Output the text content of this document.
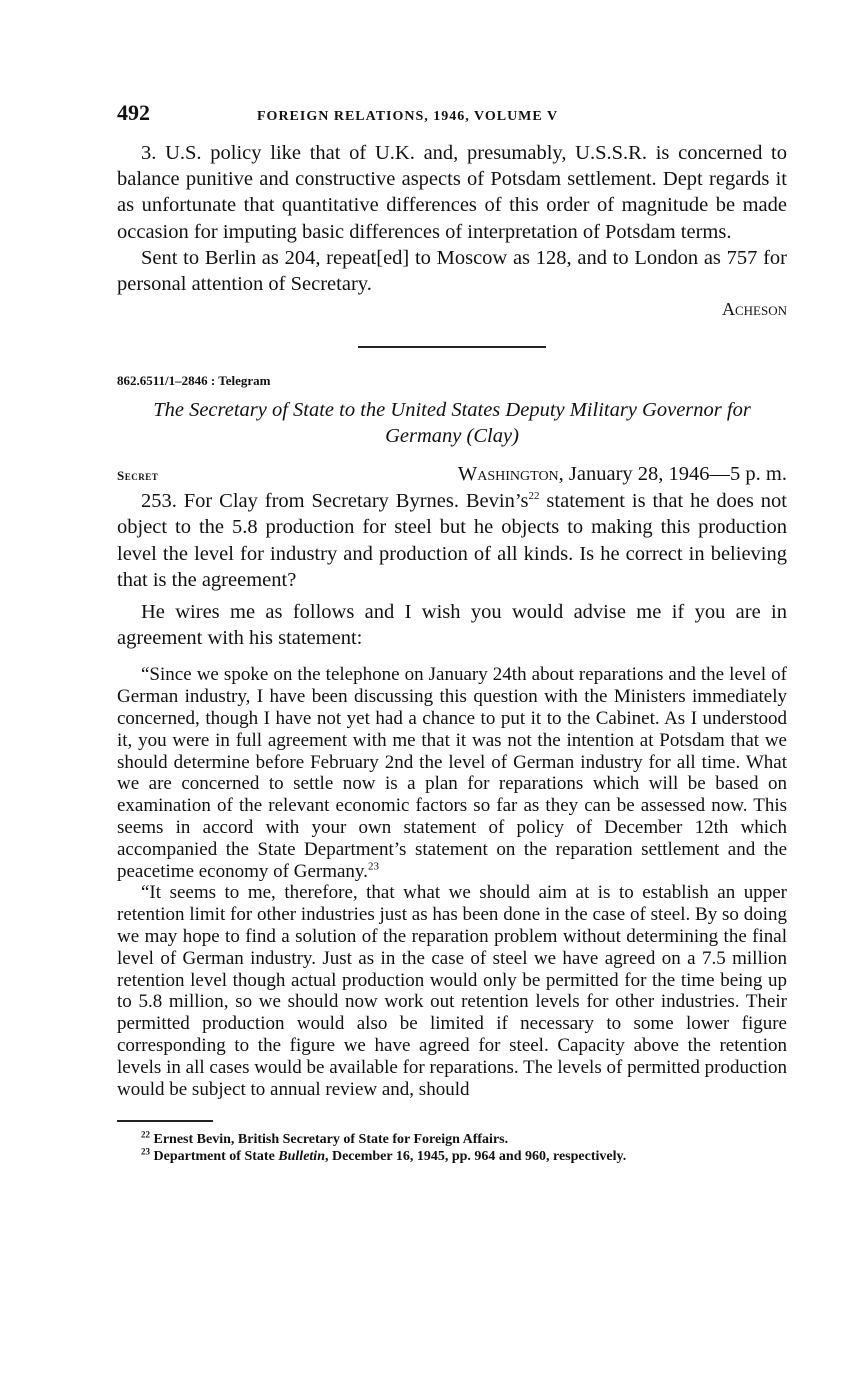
492	FOREIGN RELATIONS, 1946, VOLUME V

3. U.S. policy like that of U.K. and, presumably, U.S.S.R. is concerned to balance punitive and constructive aspects of Potsdam settlement. Dept regards it as unfortunate that quantitative differences of this order of magnitude be made occasion for imputing basic differences of interpretation of Potsdam terms.

Sent to Berlin as 204, repeat[ed] to Moscow as 128, and to London as 757 for personal attention of Secretary.

Acheson

862.6511/1–2846 : Telegram

The Secretary of State to the United States Deputy Military Governor for Germany (Clay)

Secret	Washington, January 28, 1946—5 p. m.

253. For Clay from Secretary Byrnes. $Bevin’s^{22}$ statement is that he does not object to the 5.8 production for steel but he objects to making this production level the level for industry and production of all kinds. Is he correct in believing that is the agreement?

He wires me as follows and I wish you would advise me if you are in agreement with his statement:

“Since we spoke on the telephone on January 24th about reparations and the level of German industry, I have been discussing this question with the Ministers immediately concerned, though I have not yet had a chance to put it to the Cabinet. As I understood it, you were in full agreement with me that it was not the intention at Potsdam that we should determine before February 2nd the level of German industry for all time. What we are concerned to settle now is a plan for reparations which will be based on examination of the relevant economic factors so far as they can be assessed now. This seems in accord with your own statement of policy of December 12th which accompanied the State Department’s statement on the reparation settlement and the peacetime economy of Germany.$^{23}$

“It seems to me, therefore, that what we should aim at is to establish an upper retention limit for other industries just as has been done in the case of steel. By so doing we may hope to find a solution of the reparation problem without determining the final level of German industry. Just as in the case of steel we have agreed on a 7.5 million retention level though actual production would only be permitted for the time being up to 5.8 million, so we should now work out retention levels for other industries. Their permitted production would also be limited if necessary to some lower figure corresponding to the figure we have agreed for steel. Capacity above the retention levels in all cases would be available for reparations. The levels of permitted production would be subject to annual review and, should

$^{22}$ Ernest Bevin, British Secretary of State for Foreign Affairs.

$^{23}$ Department of State Bulletin, December 16, 1945, pp. 964 and 960, respectively.
